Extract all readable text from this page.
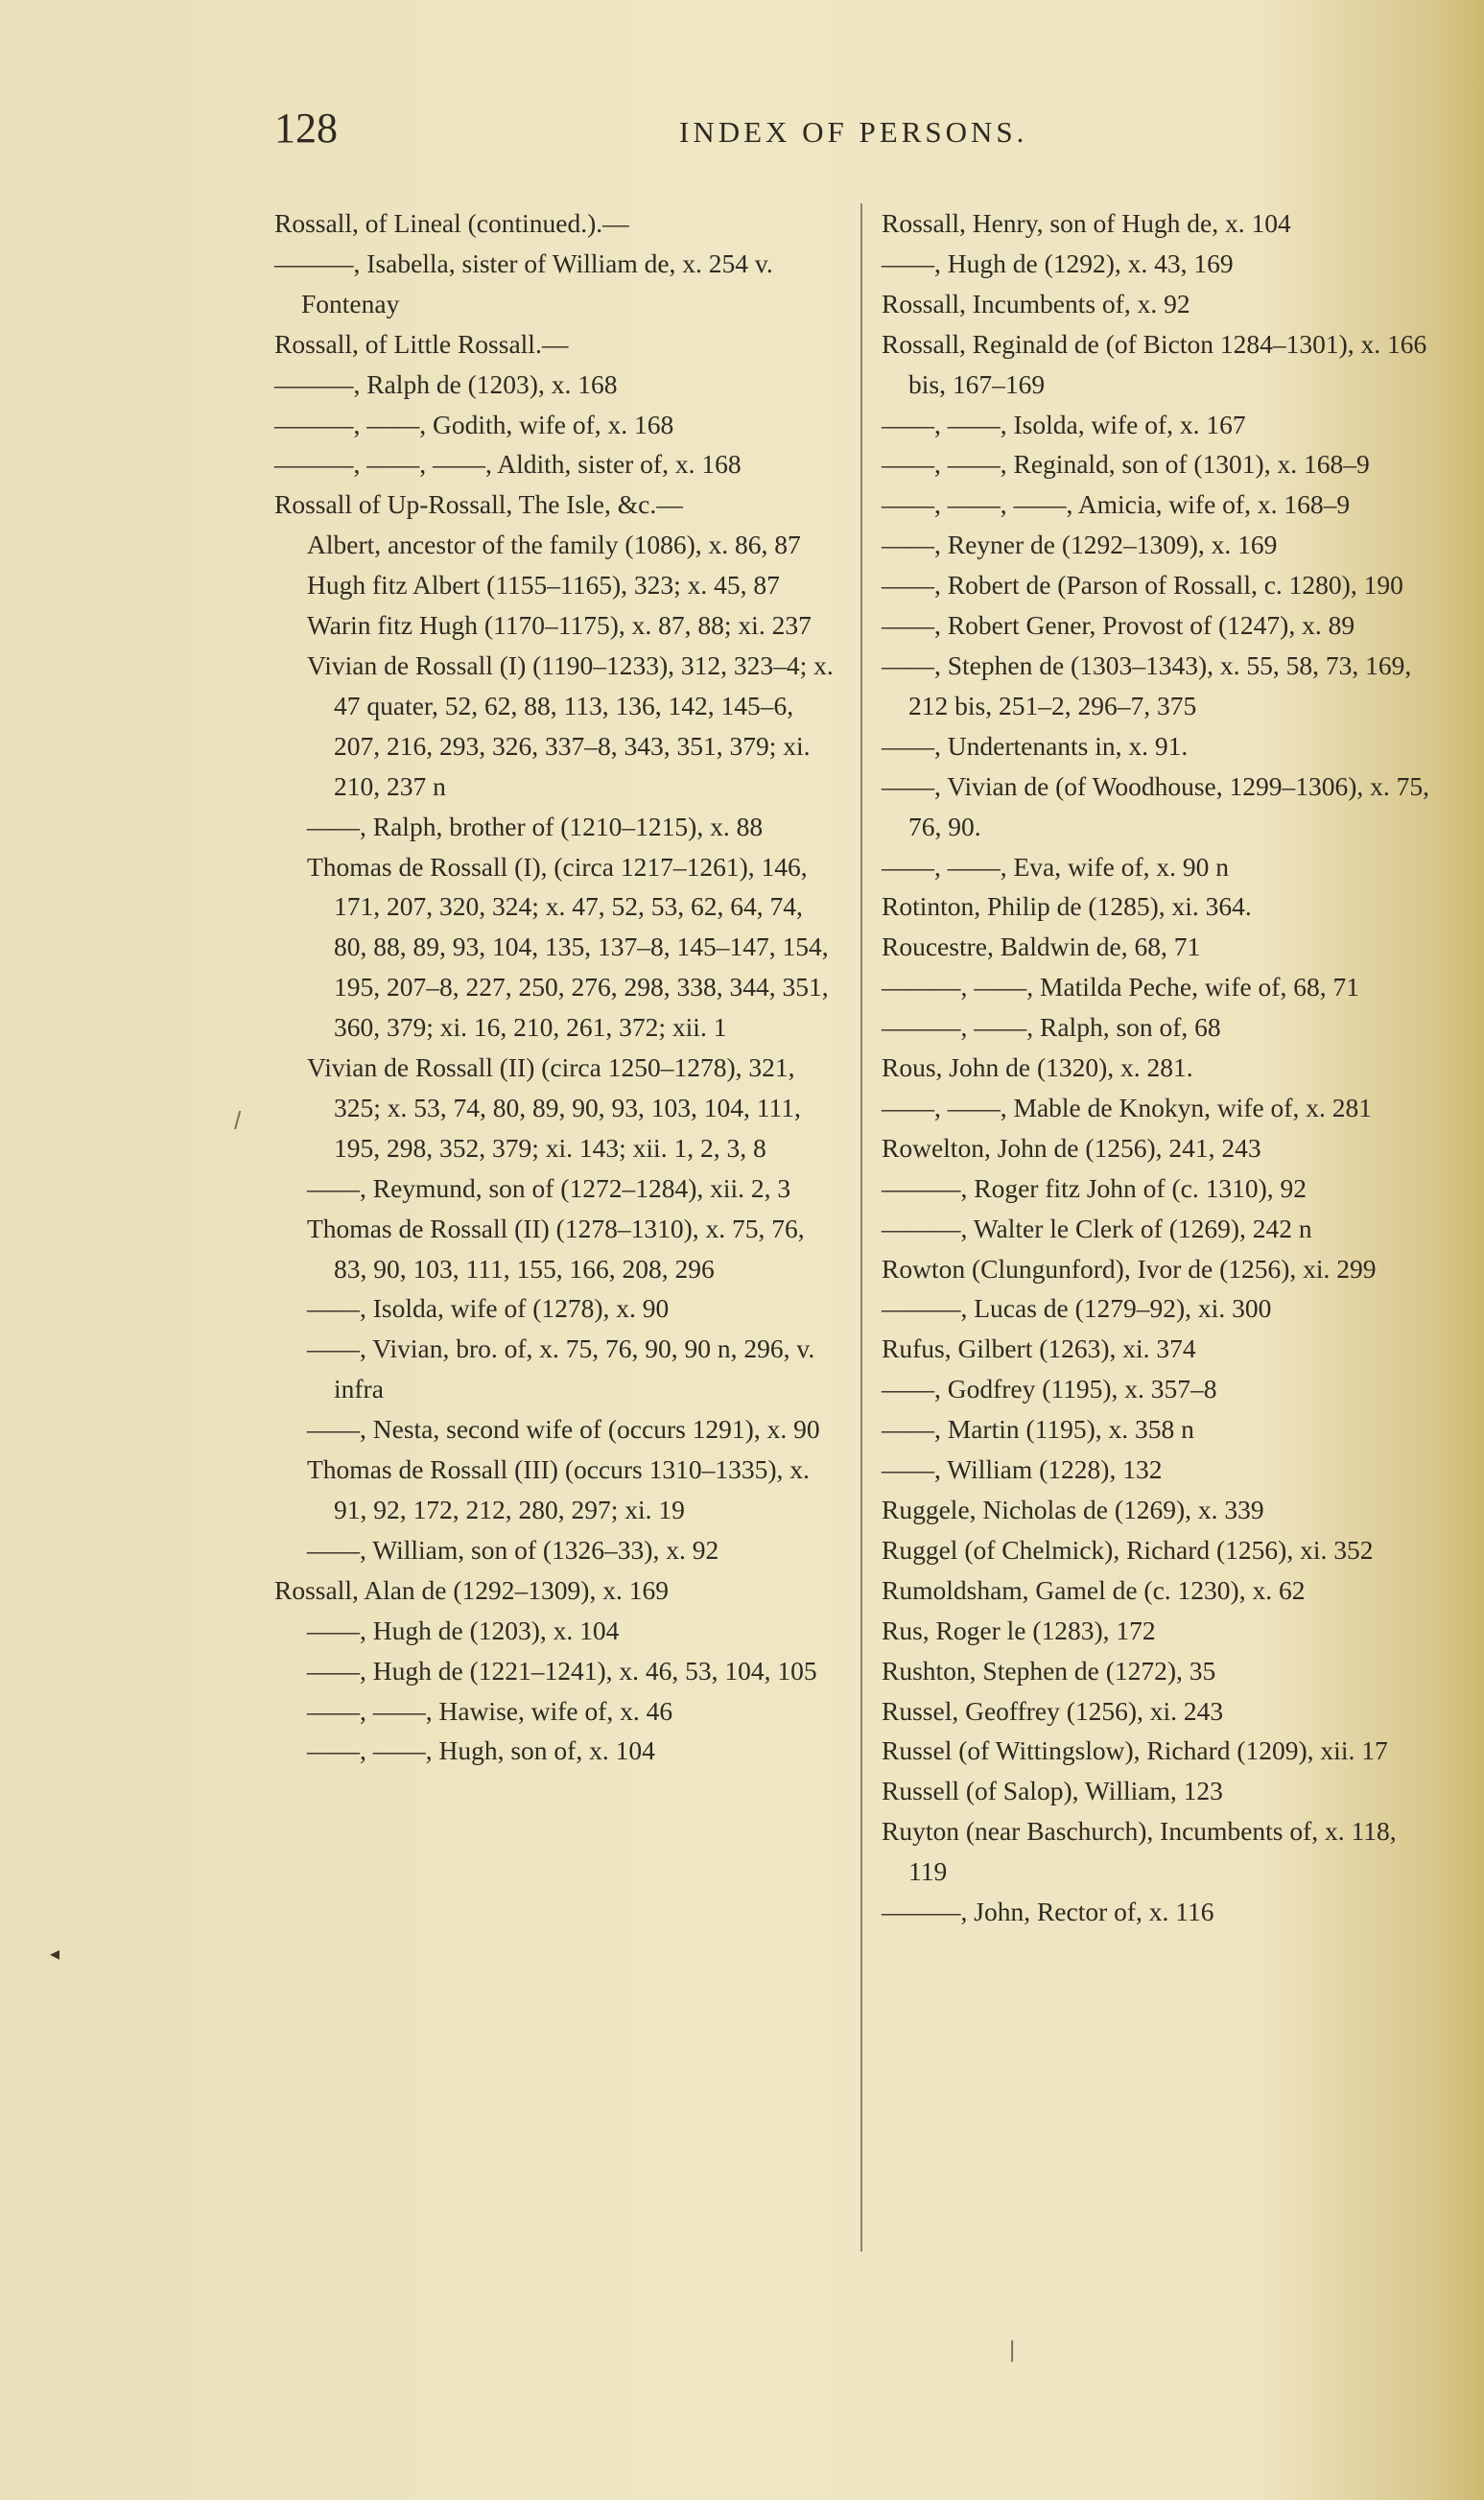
128	INDEX OF PERSONS.
Rossall, of Lineal (continued.).—
———, Isabella, sister of William de, x. 254 v. Fontenay
Rossall, of Little Rossall.—
———, Ralph de (1203), x. 168
———, ——, Godith, wife of, x. 168
———, ——, ——, Aldith, sister of, x. 168
Rossall of Up-Rossall, The Isle, &c.—
Albert, ancestor of the family (1086), x. 86, 87
Hugh fitz Albert (1155–1165), 323; x. 45, 87
Warin fitz Hugh (1170–1175), x. 87, 88; xi. 237
Vivian de Rossall (I) (1190–1233), 312, 323–4; x. 47 quater, 52, 62, 88, 113, 136, 142, 145–6, 207, 216, 293, 326, 337–8, 343, 351, 379; xi. 210, 237 n
——, Ralph, brother of (1210–1215), x. 88
Thomas de Rossall (I), (circa 1217–1261), 146, 171, 207, 320, 324; x. 47, 52, 53, 62, 64, 74, 80, 88, 89, 93, 104, 135, 137–8, 145–147, 154, 195, 207–8, 227, 250, 276, 298, 338, 344, 351, 360, 379; xi. 16, 210, 261, 372; xii. 1
Vivian de Rossall (II) (circa 1250–1278), 321, 325; x. 53, 74, 80, 89, 90, 93, 103, 104, 111, 195, 298, 352, 379; xi. 143; xii. 1, 2, 3, 8
——, Reymund, son of (1272–1284), xii. 2, 3
Thomas de Rossall (II) (1278–1310), x. 75, 76, 83, 90, 103, 111, 155, 166, 208, 296
——, Isolda, wife of (1278), x. 90
——, Vivian, bro. of, x. 75, 76, 90, 90 n, 296, v. infra
——, Nesta, second wife of (occurs 1291), x. 90
Thomas de Rossall (III) (occurs 1310–1335), x. 91, 92, 172, 212, 280, 297; xi. 19
——, William, son of (1326–33), x. 92
Rossall, Alan de (1292–1309), x. 169
——, Hugh de (1203), x. 104
——, Hugh de (1221–1241), x. 46, 53, 104, 105
——, ——, Hawise, wife of, x. 46
——, ——, Hugh, son of, x. 104
Rossall, Henry, son of Hugh de, x. 104
——, Hugh de (1292), x. 43, 169
Rossall, Incumbents of, x. 92
Rossall, Reginald de (of Bicton 1284–1301), x. 166 bis, 167–169
——, ——, Isolda, wife of, x. 167
——, ——, Reginald, son of (1301), x. 168–9
——, ——, ——, Amicia, wife of, x. 168–9
——, Reyner de (1292–1309), x. 169
——, Robert de (Parson of Rossall, c. 1280), 190
——, Robert Gener, Provost of (1247), x. 89
——, Stephen de (1303–1343), x. 55, 58, 73, 169, 212 bis, 251–2, 296–7, 375
——, Undertenants in, x. 91.
——, Vivian de (of Woodhouse, 1299–1306), x. 75, 76, 90.
——, ——, Eva, wife of, x. 90 n
Rotinton, Philip de (1285), xi. 364.
Roucestre, Baldwin de, 68, 71
———, ——, Matilda Peche, wife of, 68, 71
———, ——, Ralph, son of, 68
Rous, John de (1320), x. 281.
——, ——, Mable de Knokyn, wife of, x. 281
Rowelton, John de (1256), 241, 243
———, Roger fitz John of (c. 1310), 92
———, Walter le Clerk of (1269), 242 n
Rowton (Clungunford), Ivor de (1256), xi. 299
———, Lucas de (1279–92), xi. 300
Rufus, Gilbert (1263), xi. 374
——, Godfrey (1195), x. 357–8
——, Martin (1195), x. 358 n
——, William (1228), 132
Ruggele, Nicholas de (1269), x. 339
Ruggel (of Chelmick), Richard (1256), xi. 352
Rumoldsham, Gamel de (c. 1230), x. 62
Rus, Roger le (1283), 172
Rushton, Stephen de (1272), 35
Russel, Geoffrey (1256), xi. 243
Russel (of Wittingslow), Richard (1209), xii. 17
Russell (of Salop), William, 123
Ruyton (near Baschurch), Incumbents of, x. 118, 119
———, John, Rector of, x. 116
/
◂
|
